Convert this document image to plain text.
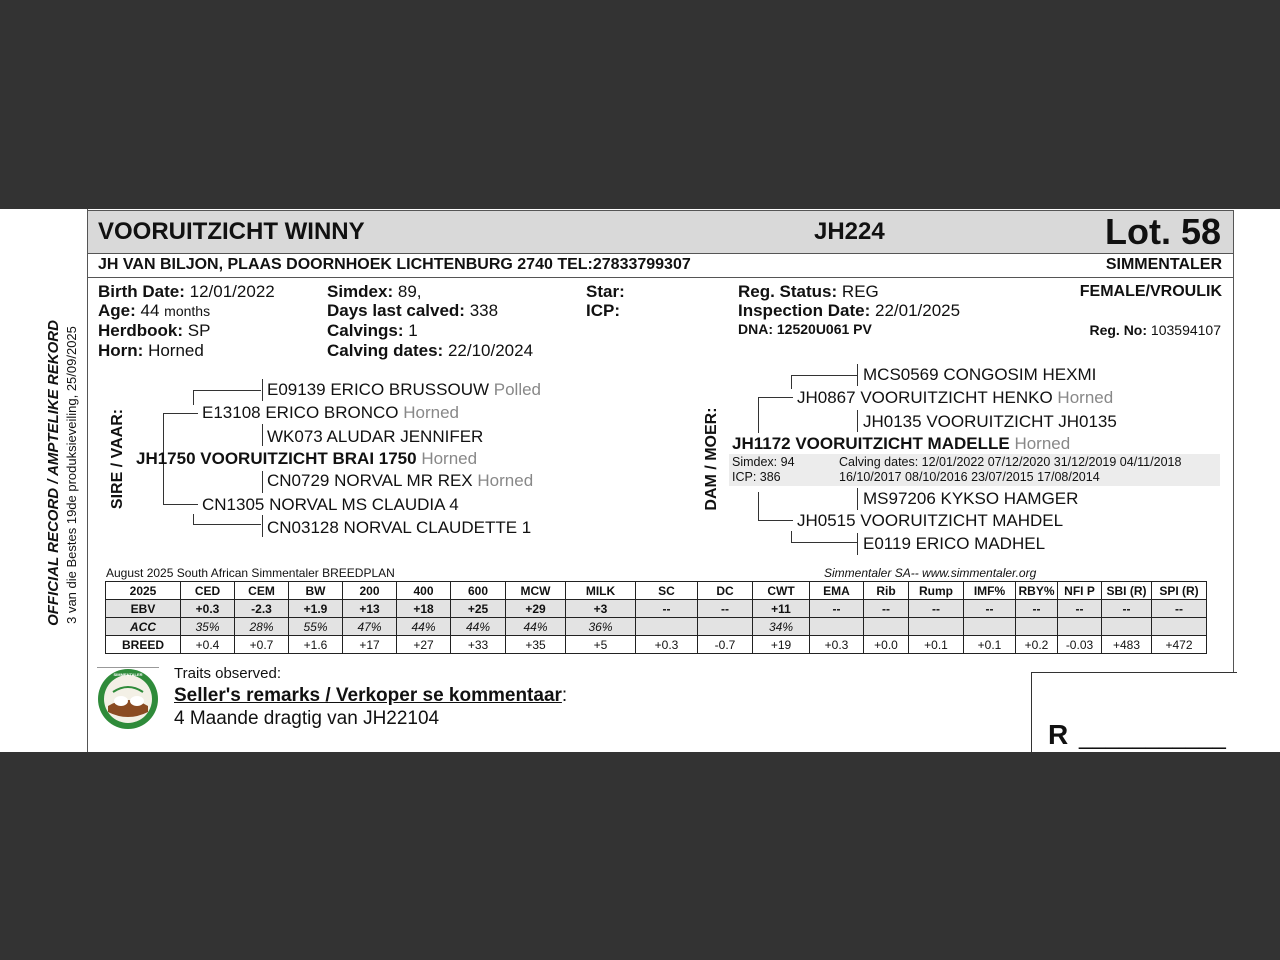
OFFICIAL RECORD / AMPTELIKE REKORD 3 van die Bestes 19de produksieveiling, 25/09/2025
VOORUITZICHT WINNY	JH224	Lot. 58
JH VAN BILJON, PLAAS DOORNHOEK LICHTENBURG 2740 TEL:27833799307	SIMMENTALER
Birth Date: 12/01/2022
Age: 44 months
Herdbook: SP
Horn: Horned
Simdex: 89,
Days last calved: 338
Calvings: 1
Calving dates: 22/10/2024
Star:
ICP:
Reg. Status: REG
Inspection Date: 22/01/2025
DNA: 12520U061 PV
FEMALE/VROULIK
Reg. No: 103594107
SIRE / VAAR:
E09139 ERICO BRUSSOUW Polled
E13108 ERICO BRONCO Horned
WK073 ALUDAR JENNIFER
JH1750 VOORUITZICHT BRAI 1750 Horned
CN0729 NORVAL MR REX Horned
CN1305 NORVAL MS CLAUDIA 4
CN03128 NORVAL CLAUDETTE 1
DAM / MOER:
MCS0569 CONGOSIM HEXMI
JH0867 VOORUITZICHT HENKO Horned
JH0135 VOORUITZICHT JH0135
JH1172 VOORUITZICHT MADELLE Horned
Simdex: 94
ICP: 386
Calving dates: 12/01/2022 07/12/2020 31/12/2019 04/11/2018
16/10/2017 08/10/2016 23/07/2015 17/08/2014
MS97206 KYKSO HAMGER
JH0515 VOORUITZICHT MAHDEL
E0119 ERICO MADHEL
August 2025 South African Simmentaler BREEDPLAN	Simmentaler SA-- www.simmentaler.org
2025	CED	CEM	BW	200	400	600	MCW	MILK	SC	DC	CWT	EMA	Rib	Rump	IMF%	RBY%	NFI P	SBI (R)	SPI (R)
EBV	+0.3	-2.3	+1.9	+13	+18	+25	+29	+3	--	--	+11	--	--	--	--	--	--	--	--
ACC	35%	28%	55%	47%	44%	44%	44%	36%			34%								
BREED	+0.4	+0.7	+1.6	+17	+27	+33	+35	+5	+0.3	-0.7	+19	+0.3	+0.0	+0.1	+0.1	+0.2	-0.03	+483	+472
SIMMENTALER	Traits observed:
Seller's remarks / Verkoper se kommentaar:
4 Maande dragtig van JH22104
R ___________
